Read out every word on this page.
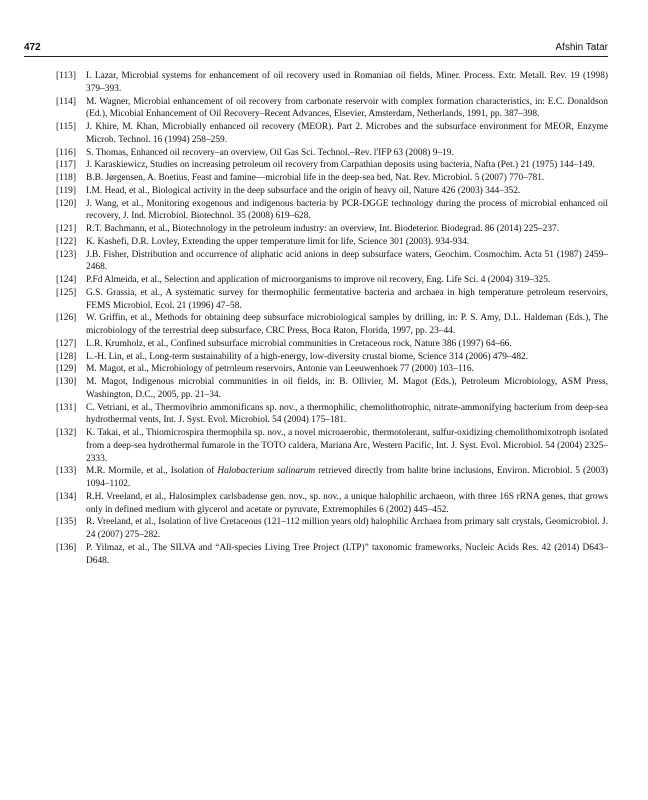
472	Afshin Tatar
[113] I. Lazar, Microbial systems for enhancement of oil recovery used in Romanian oil fields, Miner. Process. Extr. Metall. Rev. 19 (1998) 379–393.
[114] M. Wagner, Microbial enhancement of oil recovery from carbonate reservoir with complex formation characteristics, in: E.C. Donaldson (Ed.), Micobial Enhancement of Oil Recovery–Recent Advances, Elsevier, Amsterdam, Netherlands, 1991, pp. 387–398.
[115] J. Khire, M. Khan, Microbially enhanced oil recovery (MEOR). Part 2. Microbes and the subsurface environment for MEOR, Enzyme Microb. Technol. 16 (1994) 258–259.
[116] S. Thomas, Enhanced oil recovery–an overview, Oil Gas Sci. Technol.–Rev. l'IFP 63 (2008) 9–19.
[117] J. Karaskiewicz, Studies on increasing petroleum oil recovery from Carpathian deposits using bacteria, Nafta (Pet.) 21 (1975) 144–149.
[118] B.B. Jørgensen, A. Boetius, Feast and famine—microbial life in the deep-sea bed, Nat. Rev. Microbiol. 5 (2007) 770–781.
[119] I.M. Head, et al., Biological activity in the deep subsurface and the origin of heavy oil, Nature 426 (2003) 344–352.
[120] J. Wang, et al., Monitoring exogenous and indigenous bacteria by PCR-DGGE technology during the process of microbial enhanced oil recovery, J. Ind. Microbiol. Biotechnol. 35 (2008) 619–628.
[121] R.T. Bachmann, et al., Biotechnology in the petroleum industry: an overview, Int. Biodeterior. Biodegrad. 86 (2014) 225–237.
[122] K. Kashefi, D.R. Lovley, Extending the upper temperature limit for life, Science 301 (2003). 934-934.
[123] J.B. Fisher, Distribution and occurrence of aliphatic acid anions in deep subsurface waters, Geochim. Cosmochim. Acta 51 (1987) 2459–2468.
[124] P.Fd Almeida, et al., Selection and application of microorganisms to improve oil recovery, Eng. Life Sci. 4 (2004) 319–325.
[125] G.S. Grassia, et al., A systematic survey for thermophilic fermentative bacteria and archaea in high temperature petroleum reservoirs, FEMS Microbiol. Ecol. 21 (1996) 47–58.
[126] W. Griffin, et al., Methods for obtaining deep subsurface microbiological samples by drilling, in: P. S. Amy, D.L. Haldeman (Eds.), The microbiology of the terrestrial deep subsurface, CRC Press, Boca Raton, Florida, 1997, pp. 23–44.
[127] L.R. Krumholz, et al., Confined subsurface microbial communities in Cretaceous rock, Nature 386 (1997) 64–66.
[128] L.-H. Lin, et al., Long-term sustainability of a high-energy, low-diversity crustal biome, Science 314 (2006) 479–482.
[129] M. Magot, et al., Microbiology of petroleum reservoirs, Antonie van Leeuwenhoek 77 (2000) 103–116.
[130] M. Magot, Indigenous microbial communities in oil fields, in: B. Ollivier, M. Magot (Eds.), Petroleum Microbiology, ASM Press, Washington, D.C., 2005, pp. 21–34.
[131] C. Vetriani, et al., Thermovibrio ammonificans sp. nov., a thermophilic, chemolithotrophic, nitrate-ammonifying bacterium from deep-sea hydrothermal vents, Int. J. Syst. Evol. Microbiol. 54 (2004) 175–181.
[132] K. Takai, et al., Thiomicrospira thermophila sp. nov., a novel microaerobic, thermotolerant, sulfur-oxidizing chemolithomixotroph isolated from a deep-sea hydrothermal fumarole in the TOTO caldera, Mariana Arc, Western Pacific, Int. J. Syst. Evol. Microbiol. 54 (2004) 2325–2333.
[133] M.R. Mormile, et al., Isolation of Halobacterium salinarum retrieved directly from halite brine inclusions, Environ. Microbiol. 5 (2003) 1094–1102.
[134] R.H. Vreeland, et al., Halosimplex carlsbadense gen. nov., sp. nov., a unique halophilic archaeon, with three 16S rRNA genes, that grows only in defined medium with glycerol and acetate or pyruvate, Extremophiles 6 (2002) 445–452.
[135] R. Vreeland, et al., Isolation of live Cretaceous (121–112 million years old) halophilic Archaea from primary salt crystals, Geomicrobiol. J. 24 (2007) 275–282.
[136] P. Yilmaz, et al., The SILVA and “All-species Living Tree Project (LTP)” taxonomic frameworks, Nucleic Acids Res. 42 (2014) D643–D648.
